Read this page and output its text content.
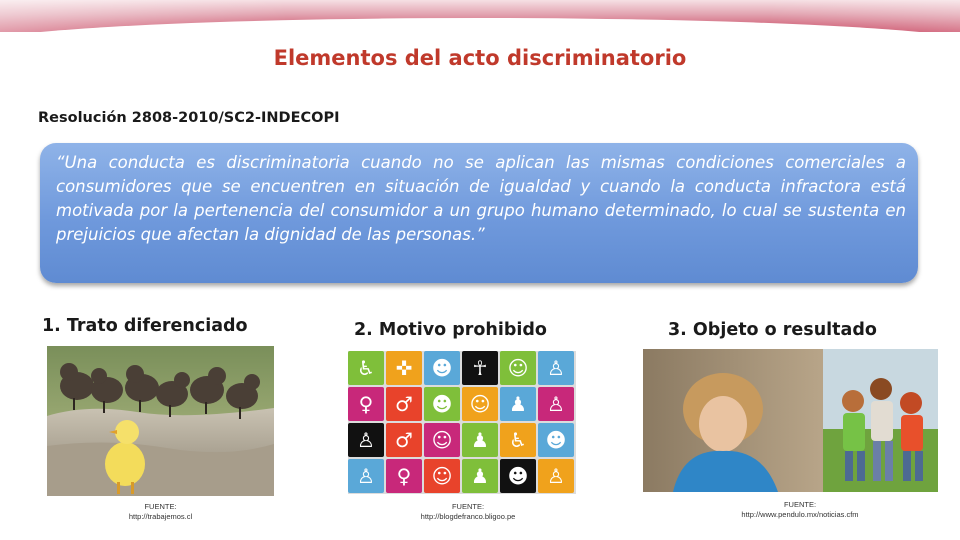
Elementos del acto discriminatorio
Resolución 2808-2010/SC2-INDECOPI
“Una conducta es discriminatoria cuando no se aplican las mismas condiciones comerciales a consumidores que se encuentren en situación de igualdad y cuando la conducta infractora está motivada por la pertenencia del consumidor a un grupo humano determinado, lo cual se sustenta en prejuicios que afectan la dignidad de las personas.”
1. Trato diferenciado
FUENTE:
http://trabajemos.cl
2. Motivo prohibido
♿	✜ ☻	☥	☺ ♙
♀	♂ ☻ ☺ ♟	♙
♙	♂ ☺ ♟	♿ ☻
♙	♀	☺ ♟ ☻ ♙
FUENTE:
http://blogdefranco.bligoo.pe
3. Objeto o resultado
FUENTE:
http://www.pendulo.mx/noticias.cfm
